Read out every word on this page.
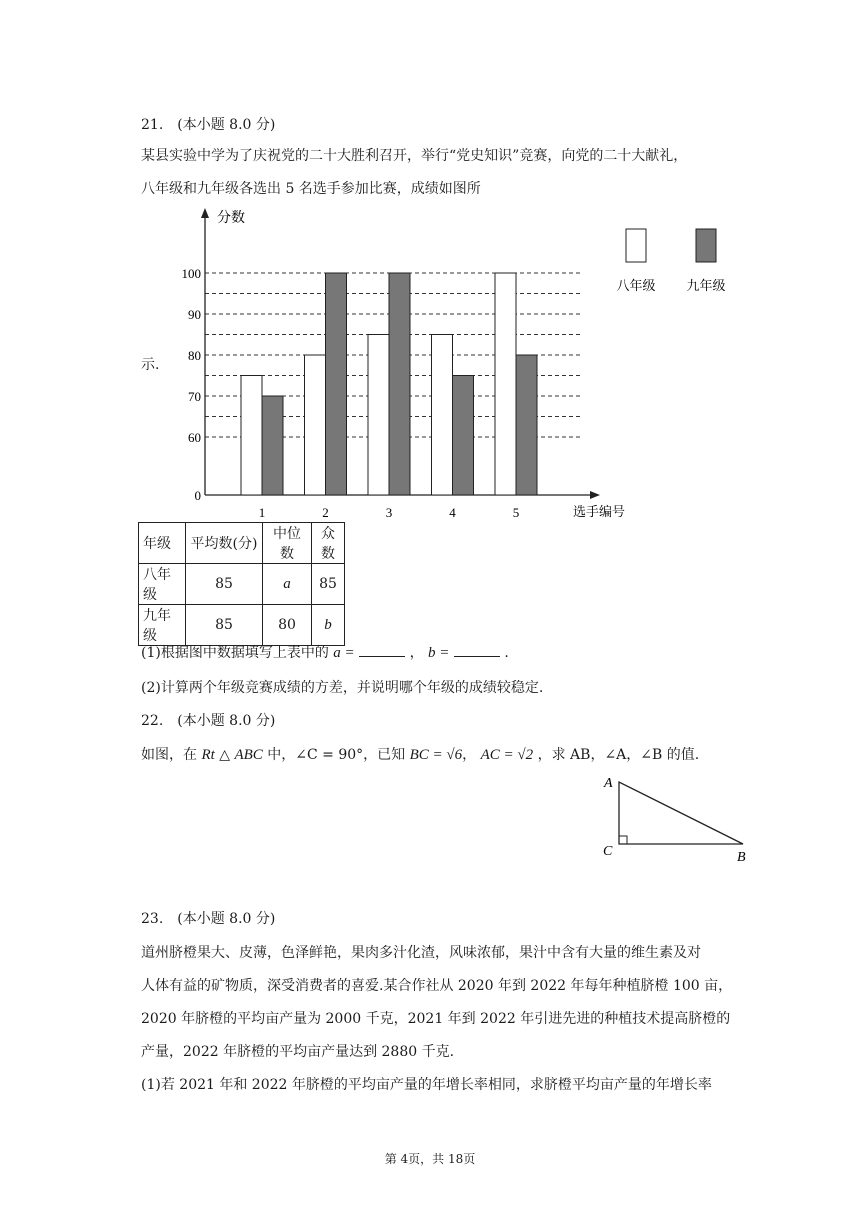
21.　(本小题 8.0 分)
某县实验中学为了庆祝党的二十大胜利召开，举行“党史知识”竞赛，向党的二十大献礼，
八年级和九年级各选出 5 名选手参加比赛，成绩如图所
示.
分数
选手编号
0
60
70
80
90
100
1	2	3	4	5
八年级 九年级
年级	平均数(分)	中位数	众数
八年级	85	a	85
九年级	85	80	b
(1)根据图中数据填写上表中的 a =	， b =	.
(2)计算两个年级竞赛成绩的方差，并说明哪个年级的成绩较稳定.
22.　(本小题 8.0 分)
如图，在 Rt △ ABC 中，∠C = 90°，已知 BC = √6， AC = √2 ，求 AB，∠A，∠B 的值.
A
C	B
23.　(本小题 8.0 分)
道州脐橙果大、皮薄，色泽鲜艳，果肉多汁化渣，风味浓郁，果汁中含有大量的维生素及对
人体有益的矿物质，深受消费者的喜爱.某合作社从 2020 年到 2022 年每年种植脐橙 100 亩，
2020 年脐橙的平均亩产量为 2000 千克，2021 年到 2022 年引进先进的种植技术提高脐橙的
产量，2022 年脐橙的平均亩产量达到 2880 千克.
(1)若 2021 年和 2022 年脐橙的平均亩产量的年增长率相同，求脐橙平均亩产量的年增长率
第 4页，共 18页
